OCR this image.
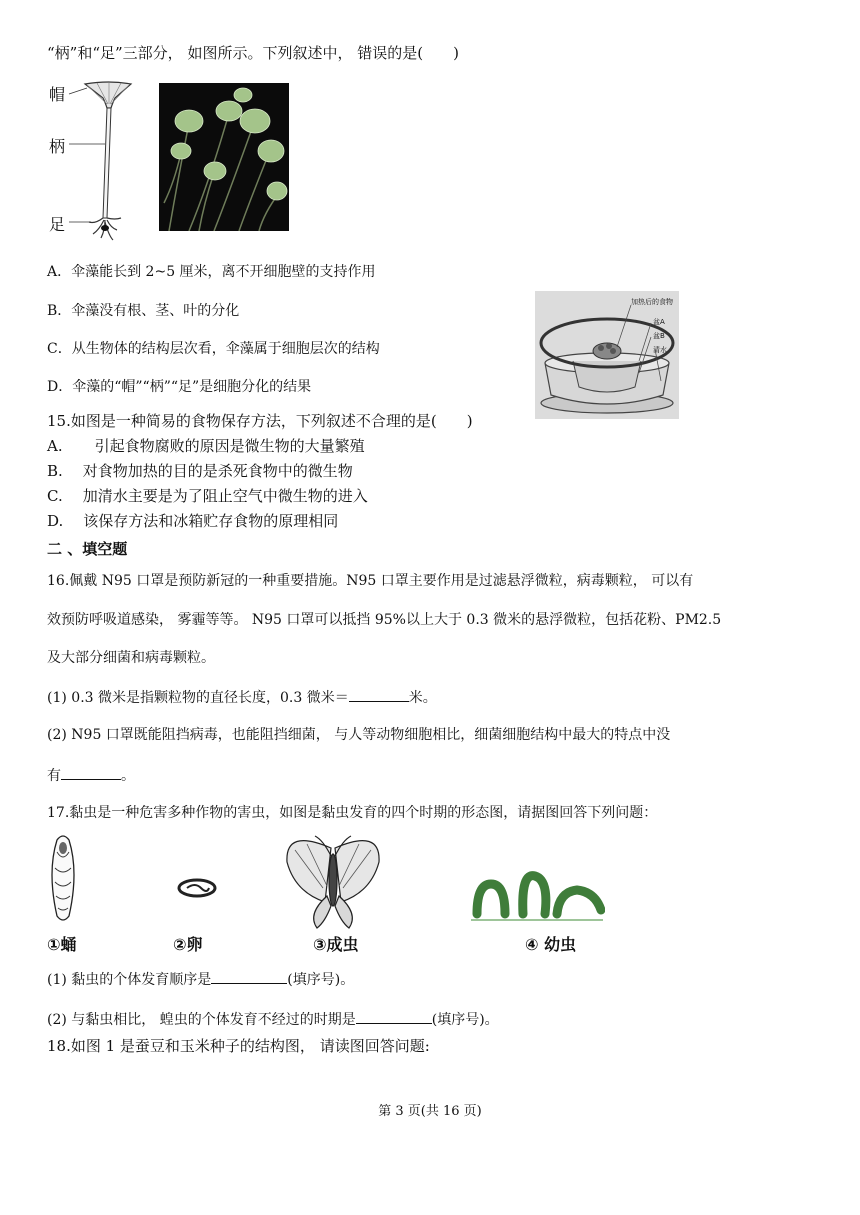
“柄”和“足”三部分， 如图所示。下列叙述中， 错误的是(　　)
帽
柄
足
A．伞藻能长到 2~5 厘米，离不开细胞壁的支持作用
B．伞藻没有根、茎、叶的分化
C．从生物体的结构层次看，伞藻属于细胞层次的结构
D．伞藻的“帽”“柄”“足”是细胞分化的结果
加热后的食物
盆A
盆B
清水
15.如图是一种简易的食物保存方法，下列叙述不合理的是(　　)
A. 引起食物腐败的原因是微生物的大量繁殖
B. 对食物加热的目的是杀死食物中的微生物
C. 加清水主要是为了阻止空气中微生物的进入
D. 该保存方法和冰箱贮存食物的原理相同
二 、填空题
16.佩戴 N95 口罩是预防新冠的一种重要措施。N95 口罩主要作用是过滤悬浮微粒，病毒颗粒， 可以有
效预防呼吸道感染， 雾霾等等。 N95 口罩可以抵挡 95%以上大于 0.3 微米的悬浮微粒，包括花粉、PM2.5
及大部分细菌和病毒颗粒。
(1) 0.3 微米是指颗粒物的直径长度，0.3 微米＝	米。
(2) N95 口罩既能阻挡病毒，也能阻挡细菌， 与人等动物细胞相比，细菌细胞结构中最大的特点中没
有	。
17.黏虫是一种危害多种作物的害虫，如图是黏虫发育的四个时期的形态图，请据图回答下列问题：
①蛹	②卵	③成虫	④ 幼虫
(1) 黏虫的个体发育顺序是	(填序号)。
(2) 与黏虫相比， 蝗虫的个体发育不经过的时期是	(填序号)。
18.如图 1 是蚕豆和玉米种子的结构图， 请读图回答问题:
第 3 页(共 16 页)
